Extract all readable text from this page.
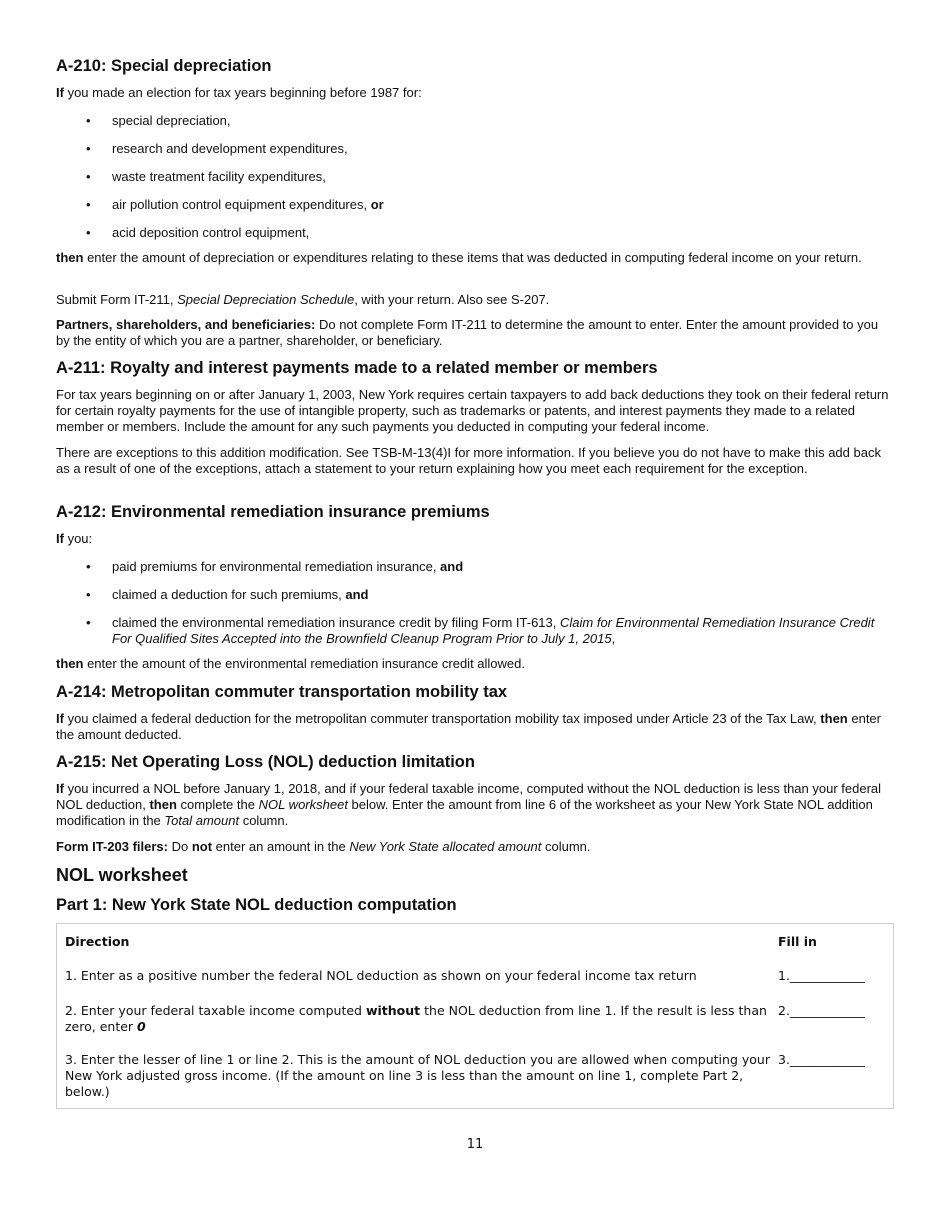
A-210: Special depreciation

If you made an election for tax years beginning before 1987 for:

• special depreciation,
• research and development expenditures,
• waste treatment facility expenditures,
• air pollution control equipment expenditures, or
• acid deposition control equipment,

then enter the amount of depreciation or expenditures relating to these items that was deducted in computing federal income on your return.

Submit Form IT-211, Special Depreciation Schedule, with your return. Also see S-207.

Partners, shareholders, and beneficiaries: Do not complete Form IT-211 to determine the amount to enter. Enter the amount provided to you by the entity of which you are a partner, shareholder, or beneficiary.

A-211: Royalty and interest payments made to a related member or members

For tax years beginning on or after January 1, 2003, New York requires certain taxpayers to add back deductions they took on their federal return for certain royalty payments for the use of intangible property, such as trademarks or patents, and interest payments they made to a related member or members. Include the amount for any such payments you deducted in computing your federal income.

There are exceptions to this addition modification. See TSB-M-13(4)I for more information. If you believe you do not have to make this add back as a result of one of the exceptions, attach a statement to your return explaining how you meet each requirement for the exception.

A-212: Environmental remediation insurance premiums

If you:

• paid premiums for environmental remediation insurance, and
• claimed a deduction for such premiums, and
• claimed the environmental remediation insurance credit by filing Form IT-613, Claim for Environmental Remediation Insurance Credit For Qualified Sites Accepted into the Brownfield Cleanup Program Prior to July 1, 2015,

then enter the amount of the environmental remediation insurance credit allowed.

A-214: Metropolitan commuter transportation mobility tax

If you claimed a federal deduction for the metropolitan commuter transportation mobility tax imposed under Article 23 of the Tax Law, then enter the amount deducted.

A-215: Net Operating Loss (NOL) deduction limitation

If you incurred a NOL before January 1, 2018, and if your federal taxable income, computed without the NOL deduction is less than your federal NOL deduction, then complete the NOL worksheet below. Enter the amount from line 6 of the worksheet as your New York State NOL addition modification in the Total amount column.

Form IT-203 filers: Do not enter an amount in the New York State allocated amount column.

NOL worksheet
Part 1: New York State NOL deduction computation
Direction	Fill in
1. Enter as a positive number the federal NOL deduction as shown on your federal income tax return	1.____________
2. Enter your federal taxable income computed without the NOL deduction from line 1. If the result is less than zero, enter 0	2.____________
3. Enter the lesser of line 1 or line 2. This is the amount of NOL deduction you are allowed when computing your New York adjusted gross income. (If the amount on line 3 is less than the amount on line 1, complete Part 2, below.)	3.____________
11
